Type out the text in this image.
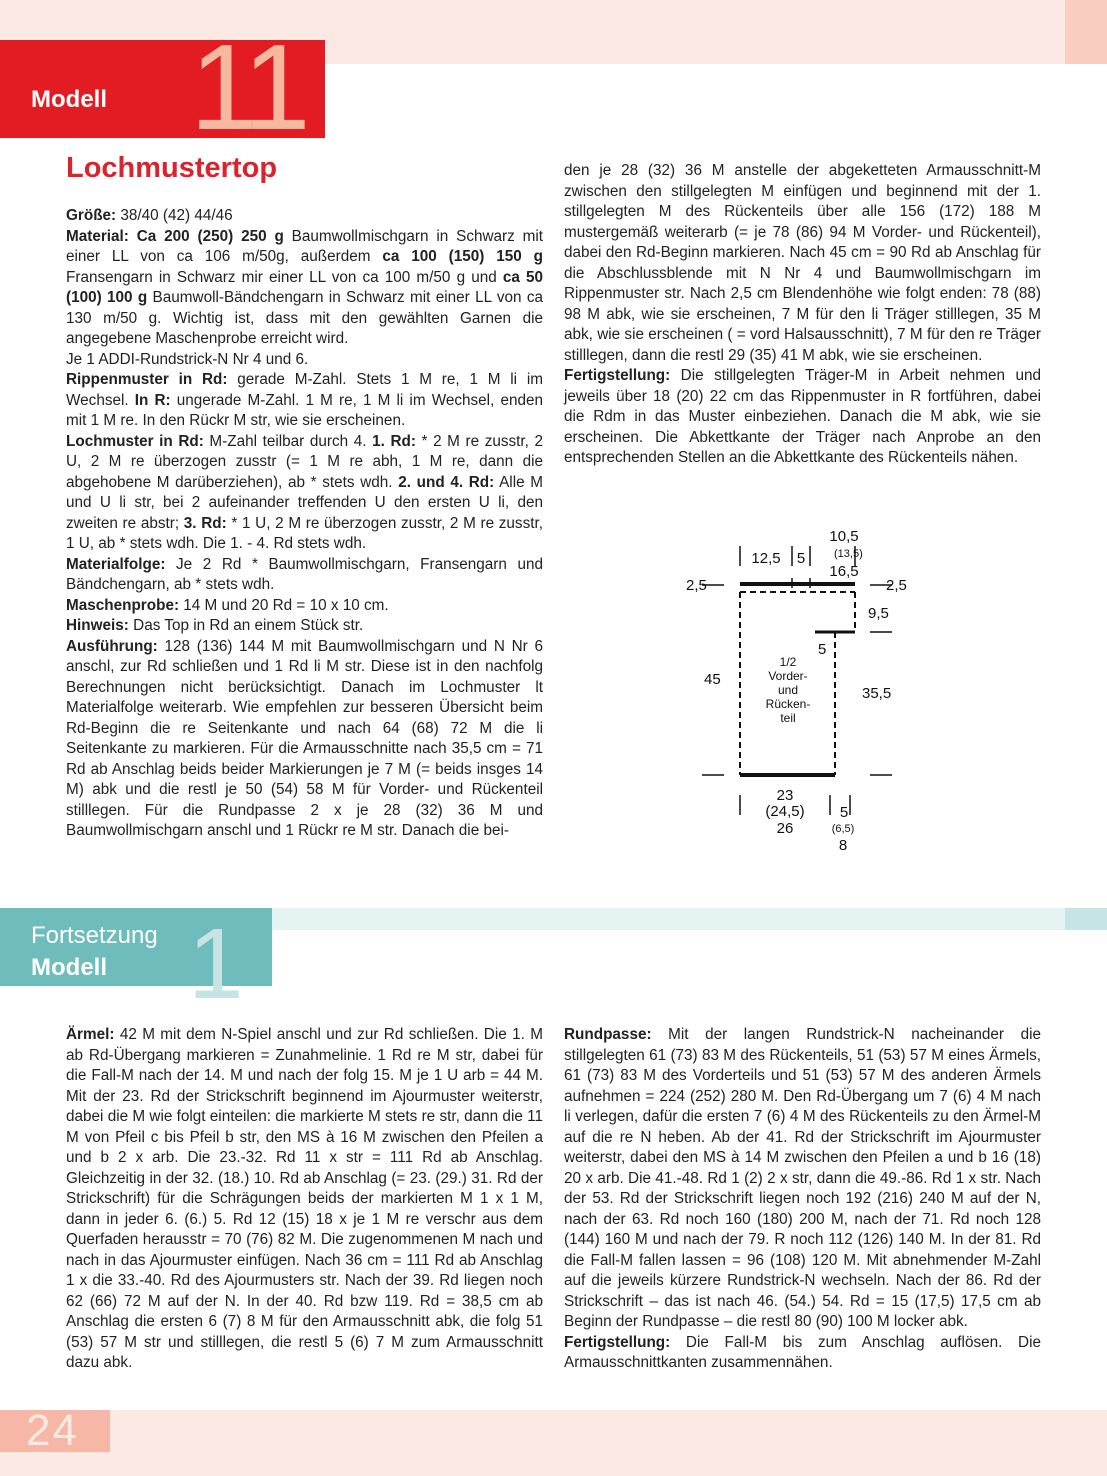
Modell 11
Lochmustertop

Größe: 38/40 (42) 44/46

Material: Ca 200 (250) 250 g Baumwollmischgarn in Schwarz mit einer LL von ca 106 m/50g, außerdem ca 100 (150) 150 g Fransengarn in Schwarz mir einer LL von ca 100 m/50 g und ca 50 (100) 100 g Baumwoll-Bändchengarn in Schwarz mit einer LL von ca 130 m/50 g. Wichtig ist, dass mit den gewählten Garnen die angegebene Maschenprobe erreicht wird.

Je 1 ADDI-Rundstrick-N Nr 4 und 6.

Rippenmuster in Rd: gerade M-Zahl. Stets 1 M re, 1 M li im Wechsel. In R: ungerade M-Zahl. 1 M re, 1 M li im Wechsel, enden mit 1 M re. In den Rückr M str, wie sie erscheinen.

Lochmuster in Rd: M-Zahl teilbar durch 4. 1. Rd: * 2 M re zusstr, 2 U, 2 M re überzogen zusstr (= 1 M re abh, 1 M re, dann die abgehobene M darüberziehen), ab * stets wdh. 2. und 4. Rd: Alle M und U li str, bei 2 aufeinander treffenden U den ersten U li, den zweiten re abstr; 3. Rd: * 1 U, 2 M re überzogen zusstr, 2 M re zusstr, 1 U, ab * stets wdh. Die 1. - 4. Rd stets wdh.

Materialfolge: Je 2 Rd * Baumwollmischgarn, Fransengarn und Bändchengarn, ab * stets wdh.

Maschenprobe: 14 M und 20 Rd = 10 x 10 cm.

Hinweis: Das Top in Rd an einem Stück str.

Ausführung: 128 (136) 144 M mit Baumwollmischgarn und N Nr 6 anschl, zur Rd schließen und 1 Rd li M str. Diese ist in den nachfolg Berechnungen nicht berücksichtigt. Danach im Lochmuster lt Materialfolge weiterarb. Wie empfehlen zur besseren Übersicht beim Rd-Beginn die re Seitenkante und nach 64 (68) 72 M die li Seitenkante zu markieren. Für die Armausschnitte nach 35,5 cm = 71 Rd ab Anschlag beids beider Markierungen je 7 M (= beids insges 14 M) abk und die restl je 50 (54) 58 M für Vorder- und Rückenteil stilllegen. Für die Rundpasse 2 x je 28 (32) 36 M und Baumwollmischgarn anschl und 1 Rückr re M str. Danach die bei-

den je 28 (32) 36 M anstelle der abgeketteten Armausschnitt-M zwischen den stillgelegten M einfügen und beginnend mit der 1. stillgelegten M des Rückenteils über alle 156 (172) 188 M mustergemäß weiterarb (= je 78 (86) 94 M Vorder- und Rückenteil), dabei den Rd-Beginn markieren. Nach 45 cm = 90 Rd ab Anschlag für die Abschlussblende mit N Nr 4 und Baumwollmischgarn im Rippenmuster str. Nach 2,5 cm Blendenhöhe wie folgt enden: 78 (88) 98 M abk, wie sie erscheinen, 7 M für den li Träger stilllegen, 35 M abk, wie sie erscheinen ( = vord Halsausschnitt), 7 M für den re Träger stilllegen, dann die restl 29 (35) 41 M abk, wie sie erscheinen.

Fertigstellung: Die stillgelegten Träger-M in Arbeit nehmen und jeweils über 18 (20) 22 cm das Rippenmuster in R fortführen, dabei die Rdm in das Muster einbeziehen. Danach die M abk, wie sie erscheinen. Die Abkettkante der Träger nach Anprobe an den entsprechenden Stellen an die Abkettkante des Rückenteils nähen.

10,5
(13,5)
16,5
12,5 5
2,5	2,5
9,5
5
1/2
Vorder-
und
Rücken-
teil
45
35,5
23
(24,5)
26
5
(6,5)
8
Fortsetzung
Modell 1

Ärmel: 42 M mit dem N-Spiel anschl und zur Rd schließen. Die 1. M ab Rd-Übergang markieren = Zunahmelinie. 1 Rd re M str, dabei für die Fall-M nach der 14. M und nach der folg 15. M je 1 U arb = 44 M. Mit der 23. Rd der Strickschrift beginnend im Ajourmuster weiterstr, dabei die M wie folgt einteilen: die markierte M stets re str, dann die 11 M von Pfeil c bis Pfeil b str, den MS à 16 M zwischen den Pfeilen a und b 2 x arb. Die 23.-32. Rd 11 x str = 111 Rd ab Anschlag. Gleichzeitig in der 32. (18.) 10. Rd ab Anschlag (= 23. (29.) 31. Rd der Strickschrift) für die Schrägungen beids der markierten M 1 x 1 M, dann in jeder 6. (6.) 5. Rd 12 (15) 18 x je 1 M re verschr aus dem Querfaden herausstr = 70 (76) 82 M. Die zugenommenen M nach und nach in das Ajourmuster einfügen. Nach 36 cm = 111 Rd ab Anschlag 1 x die 33.-40. Rd des Ajourmusters str. Nach der 39. Rd liegen noch 62 (66) 72 M auf der N. In der 40. Rd bzw 119. Rd = 38,5 cm ab Anschlag die ersten 6 (7) 8 M für den Armausschnitt abk, die folg 51 (53) 57 M str und stilllegen, die restl 5 (6) 7 M zum Armausschnitt dazu abk.

Rundpasse: Mit der langen Rundstrick-N nacheinander die stillgelegten 61 (73) 83 M des Rückenteils, 51 (53) 57 M eines Ärmels, 61 (73) 83 M des Vorderteils und 51 (53) 57 M des anderen Ärmels aufnehmen = 224 (252) 280 M. Den Rd-Übergang um 7 (6) 4 M nach li verlegen, dafür die ersten 7 (6) 4 M des Rückenteils zu den Ärmel-M auf die re N heben. Ab der 41. Rd der Strickschrift im Ajourmuster weiterstr, dabei den MS à 14 M zwischen den Pfeilen a und b 16 (18) 20 x arb. Die 41.-48. Rd 1 (2) 2 x str, dann die 49.-86. Rd 1 x str. Nach der 53. Rd der Strickschrift liegen noch 192 (216) 240 M auf der N, nach der 63. Rd noch 160 (180) 200 M, nach der 71. Rd noch 128 (144) 160 M und nach der 79. R noch 112 (126) 140 M. In der 81. Rd die Fall-M fallen lassen = 96 (108) 120 M. Mit abnehmender M-Zahl auf die jeweils kürzere Rundstrick-N wechseln. Nach der 86. Rd der Strickschrift – das ist nach 46. (54.) 54. Rd = 15 (17,5) 17,5 cm ab Beginn der Rundpasse – die restl 80 (90) 100 M locker abk.

Fertigstellung: Die Fall-M bis zum Anschlag auflösen. Die Armausschnittkanten zusammennähen.

24
